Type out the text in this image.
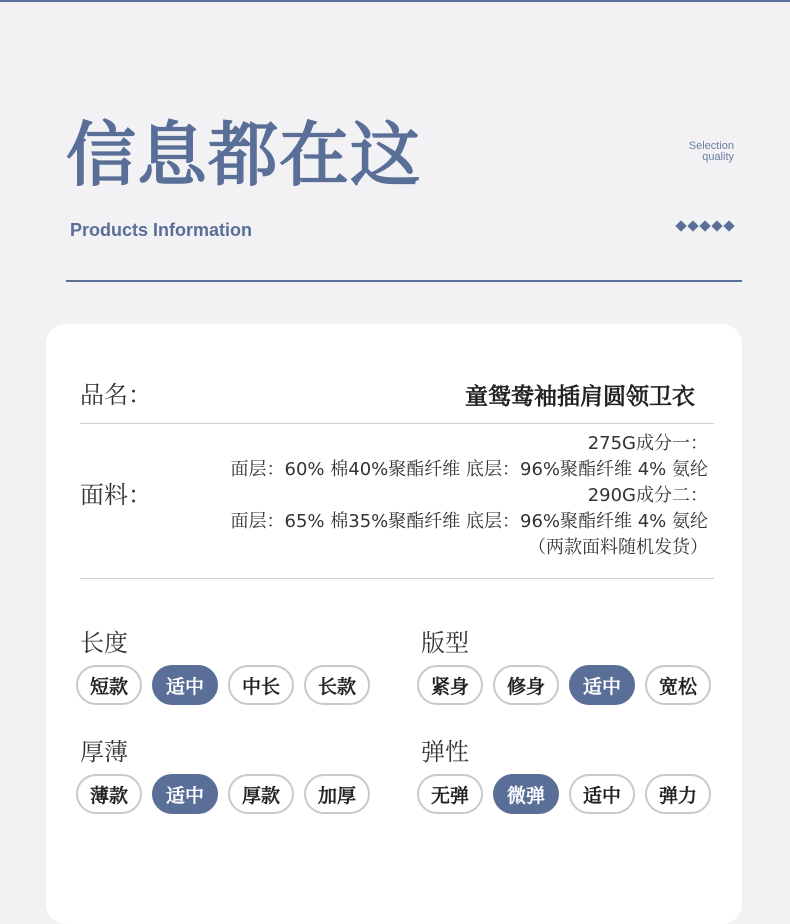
信息都在这	Selection
quality
Products Information
品名：	童鸳鸯袖插肩圆领卫衣
面料：
275G成分一：
面层：60% 棉40%聚酯纤维 底层：96%聚酯纤维 4% 氨纶
290G成分二：
面层：65% 棉35%聚酯纤维 底层：96%聚酯纤维 4% 氨纶
（两款面料随机发货）
长度
短款	适中	中长	长款
版型
紧身	修身	适中	宽松
厚薄
薄款	适中	厚款	加厚
弹性
无弹	微弹	适中	弹力
